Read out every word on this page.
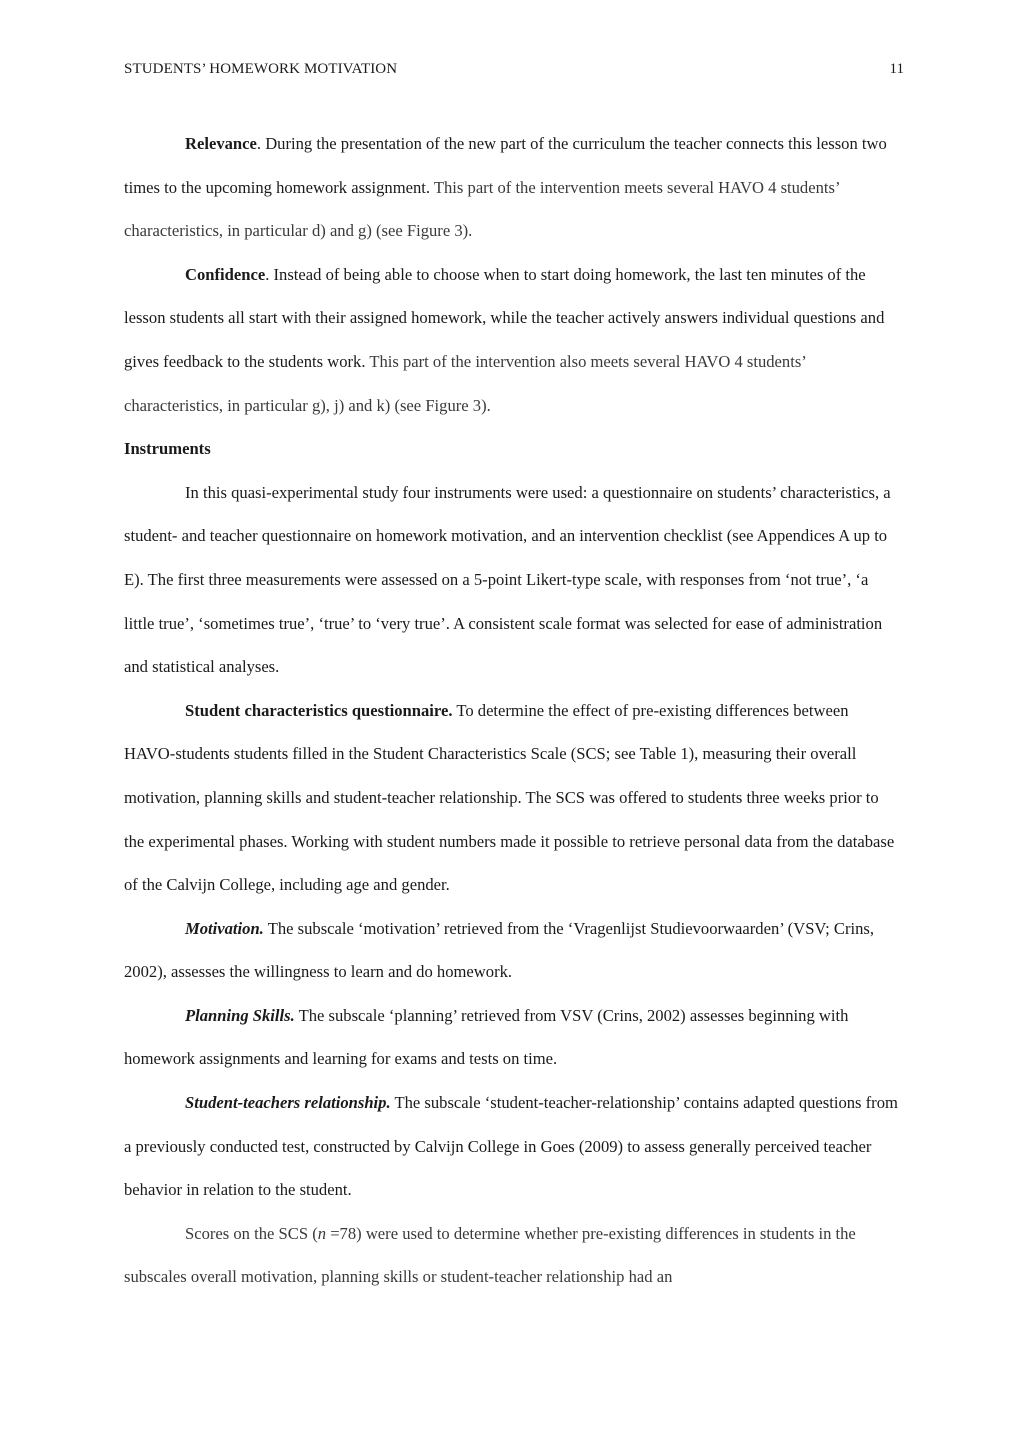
STUDENTS’ HOMEWORK MOTIVATION	11

Relevance. During the presentation of the new part of the curriculum the teacher connects this lesson two times to the upcoming homework assignment. This part of the intervention meets several HAVO 4 students’ characteristics, in particular d) and g) (see Figure 3).

Confidence. Instead of being able to choose when to start doing homework, the last ten minutes of the lesson students all start with their assigned homework, while the teacher actively answers individual questions and gives feedback to the students work. This part of the intervention also meets several HAVO 4 students’ characteristics, in particular g), j) and k) (see Figure 3).

Instruments

In this quasi-experimental study four instruments were used: a questionnaire on students’ characteristics, a student- and teacher questionnaire on homework motivation, and an intervention checklist (see Appendices A up to E). The first three measurements were assessed on a 5-point Likert-type scale, with responses from ‘not true’, ‘a little true’, ‘sometimes true’, ‘true’ to ‘very true’. A consistent scale format was selected for ease of administration and statistical analyses.

Student characteristics questionnaire. To determine the effect of pre-existing differences between HAVO-students students filled in the Student Characteristics Scale (SCS; see Table 1), measuring their overall motivation, planning skills and student-teacher relationship. The SCS was offered to students three weeks prior to the experimental phases. Working with student numbers made it possible to retrieve personal data from the database of the Calvijn College, including age and gender.

Motivation. The subscale ‘motivation’ retrieved from the ‘Vragenlijst Studievoorwaarden’ (VSV; Crins, 2002), assesses the willingness to learn and do homework.

Planning Skills. The subscale ‘planning’ retrieved from VSV (Crins, 2002) assesses beginning with homework assignments and learning for exams and tests on time.

Student-teachers relationship. The subscale ‘student-teacher-relationship’ contains adapted questions from a previously conducted test, constructed by Calvijn College in Goes (2009) to assess generally perceived teacher behavior in relation to the student.

Scores on the SCS (n =78) were used to determine whether pre-existing differences in students in the subscales overall motivation, planning skills or student-teacher relationship had an
